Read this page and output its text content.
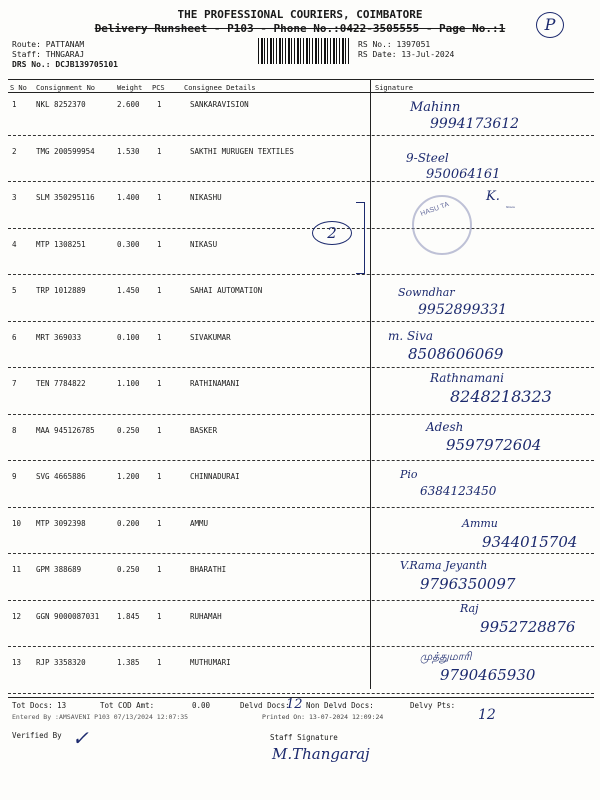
THE PROFESSIONAL COURIERS, COIMBATORE
Delivery Runsheet - P103 - Phone No.:0422-3505555 - Page No.:1	P
Route: PATTANAM
Staff: THNGARAJ
DRS No.: DCJB139705101
RS No.: 1397051
RS Date: 13-Jul-2024
S No Consignment No	Weight PCS	Consignee Details	Signature
1	NKL 8252370	2.600 1	SANKARAVISION	Mahinn
9994173612
2	TMG 200599954	1.530 1	SAKTHI MURUGEN TEXTILES	9-Steel
950064161
3	SLM 350295116	1.400 1	NIKASHU	K.
Sreeu
4	MTP 1308251	0.300 1	NIKASU
5	TRP 1012889	1.450 1	SAHAI AUTOMATION	Sowndhar
9952899331
6	MRT 369033	0.100 1	SIVAKUMAR	m. Siva
8508606069
7	TEN 7784822	1.100 1	RATHINAMANI	Rathnamani
8248218323
8	MAA 945126785	0.250 1	BASKER	Adesh
9597972604
9	SVG 4665886	1.200 1	CHINNADURAI	Pio
6384123450
10 MTP 3092398	0.200 1	AMMU	Ammu
9344015704
11 GPM 388689	0.250 1	BHARATHI	V.Rama Jeyanth
9796350097
12 GGN 9000087031 1.845 1	RUHAMAH
Raj
9952728876
13 RJP 3358320	1.385 1	MUTHUMARI	முத்துமாரி
9790465930
2
HASU TA
Tot Docs: 13	Tot COD Amt:	0.00	Delvd Docs:
12 Non Delvd Docs:	Delvy Pts:
12
Entered By :AMSAVENI P103 07/13/2024 12:07:35	Printed On: 13-07-2024 12:09:24
Verified By ✓	Staff Signature
M.Thangaraj
